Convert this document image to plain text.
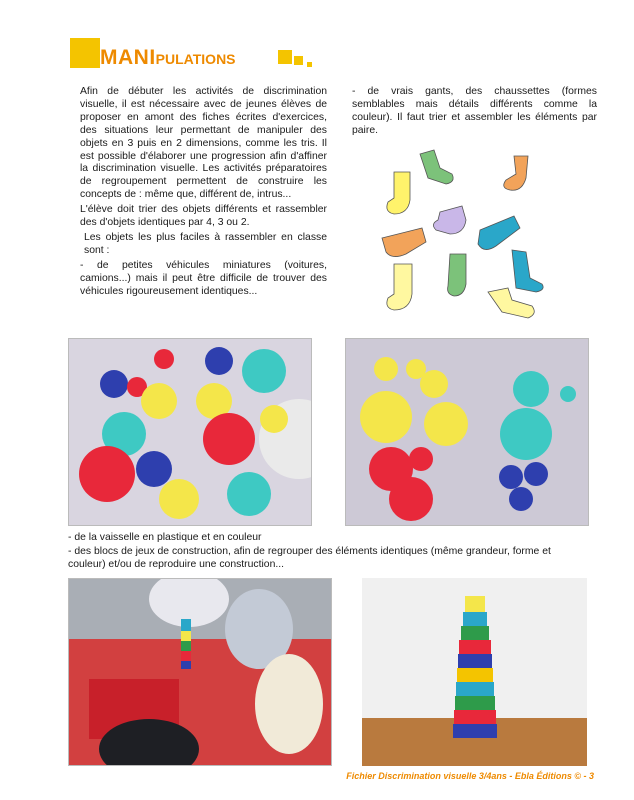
MANIPULATIONS

Afin de débuter les activités de discrimination visuelle, il est nécessaire avec de jeunes élèves de proposer en amont des fiches écrites d'exercices, des situations leur permettant de manipuler des objets en 3 puis en 2 dimensions, comme les tris. Il est possible d'élaborer une progression afin d'affiner la discrimination visuelle. Les activités préparatoires de regroupement permettent de construire les concepts de : même que, différent de, intrus...

L'élève doit trier des objets différents et rassembler des d'objets identiques par 4, 3 ou 2.

Les objets les plus faciles à rassembler en classe sont :

- de petites véhicules miniatures (voitures, camions...) mais il peut être difficile de trouver des véhicules rigoureusement identiques...

- de vrais gants, des chaussettes (formes semblables mais détails différents comme la couleur). Il faut trier et assembler les éléments par paire.

- de la vaisselle en plastique et en couleur
- des blocs de jeux de construction, afin de regrouper des éléments identiques (même grandeur, forme et couleur) et/ou de reproduire une construction...
Fichier Discrimination visuelle 3/4ans - Ebla Éditions © - 3
